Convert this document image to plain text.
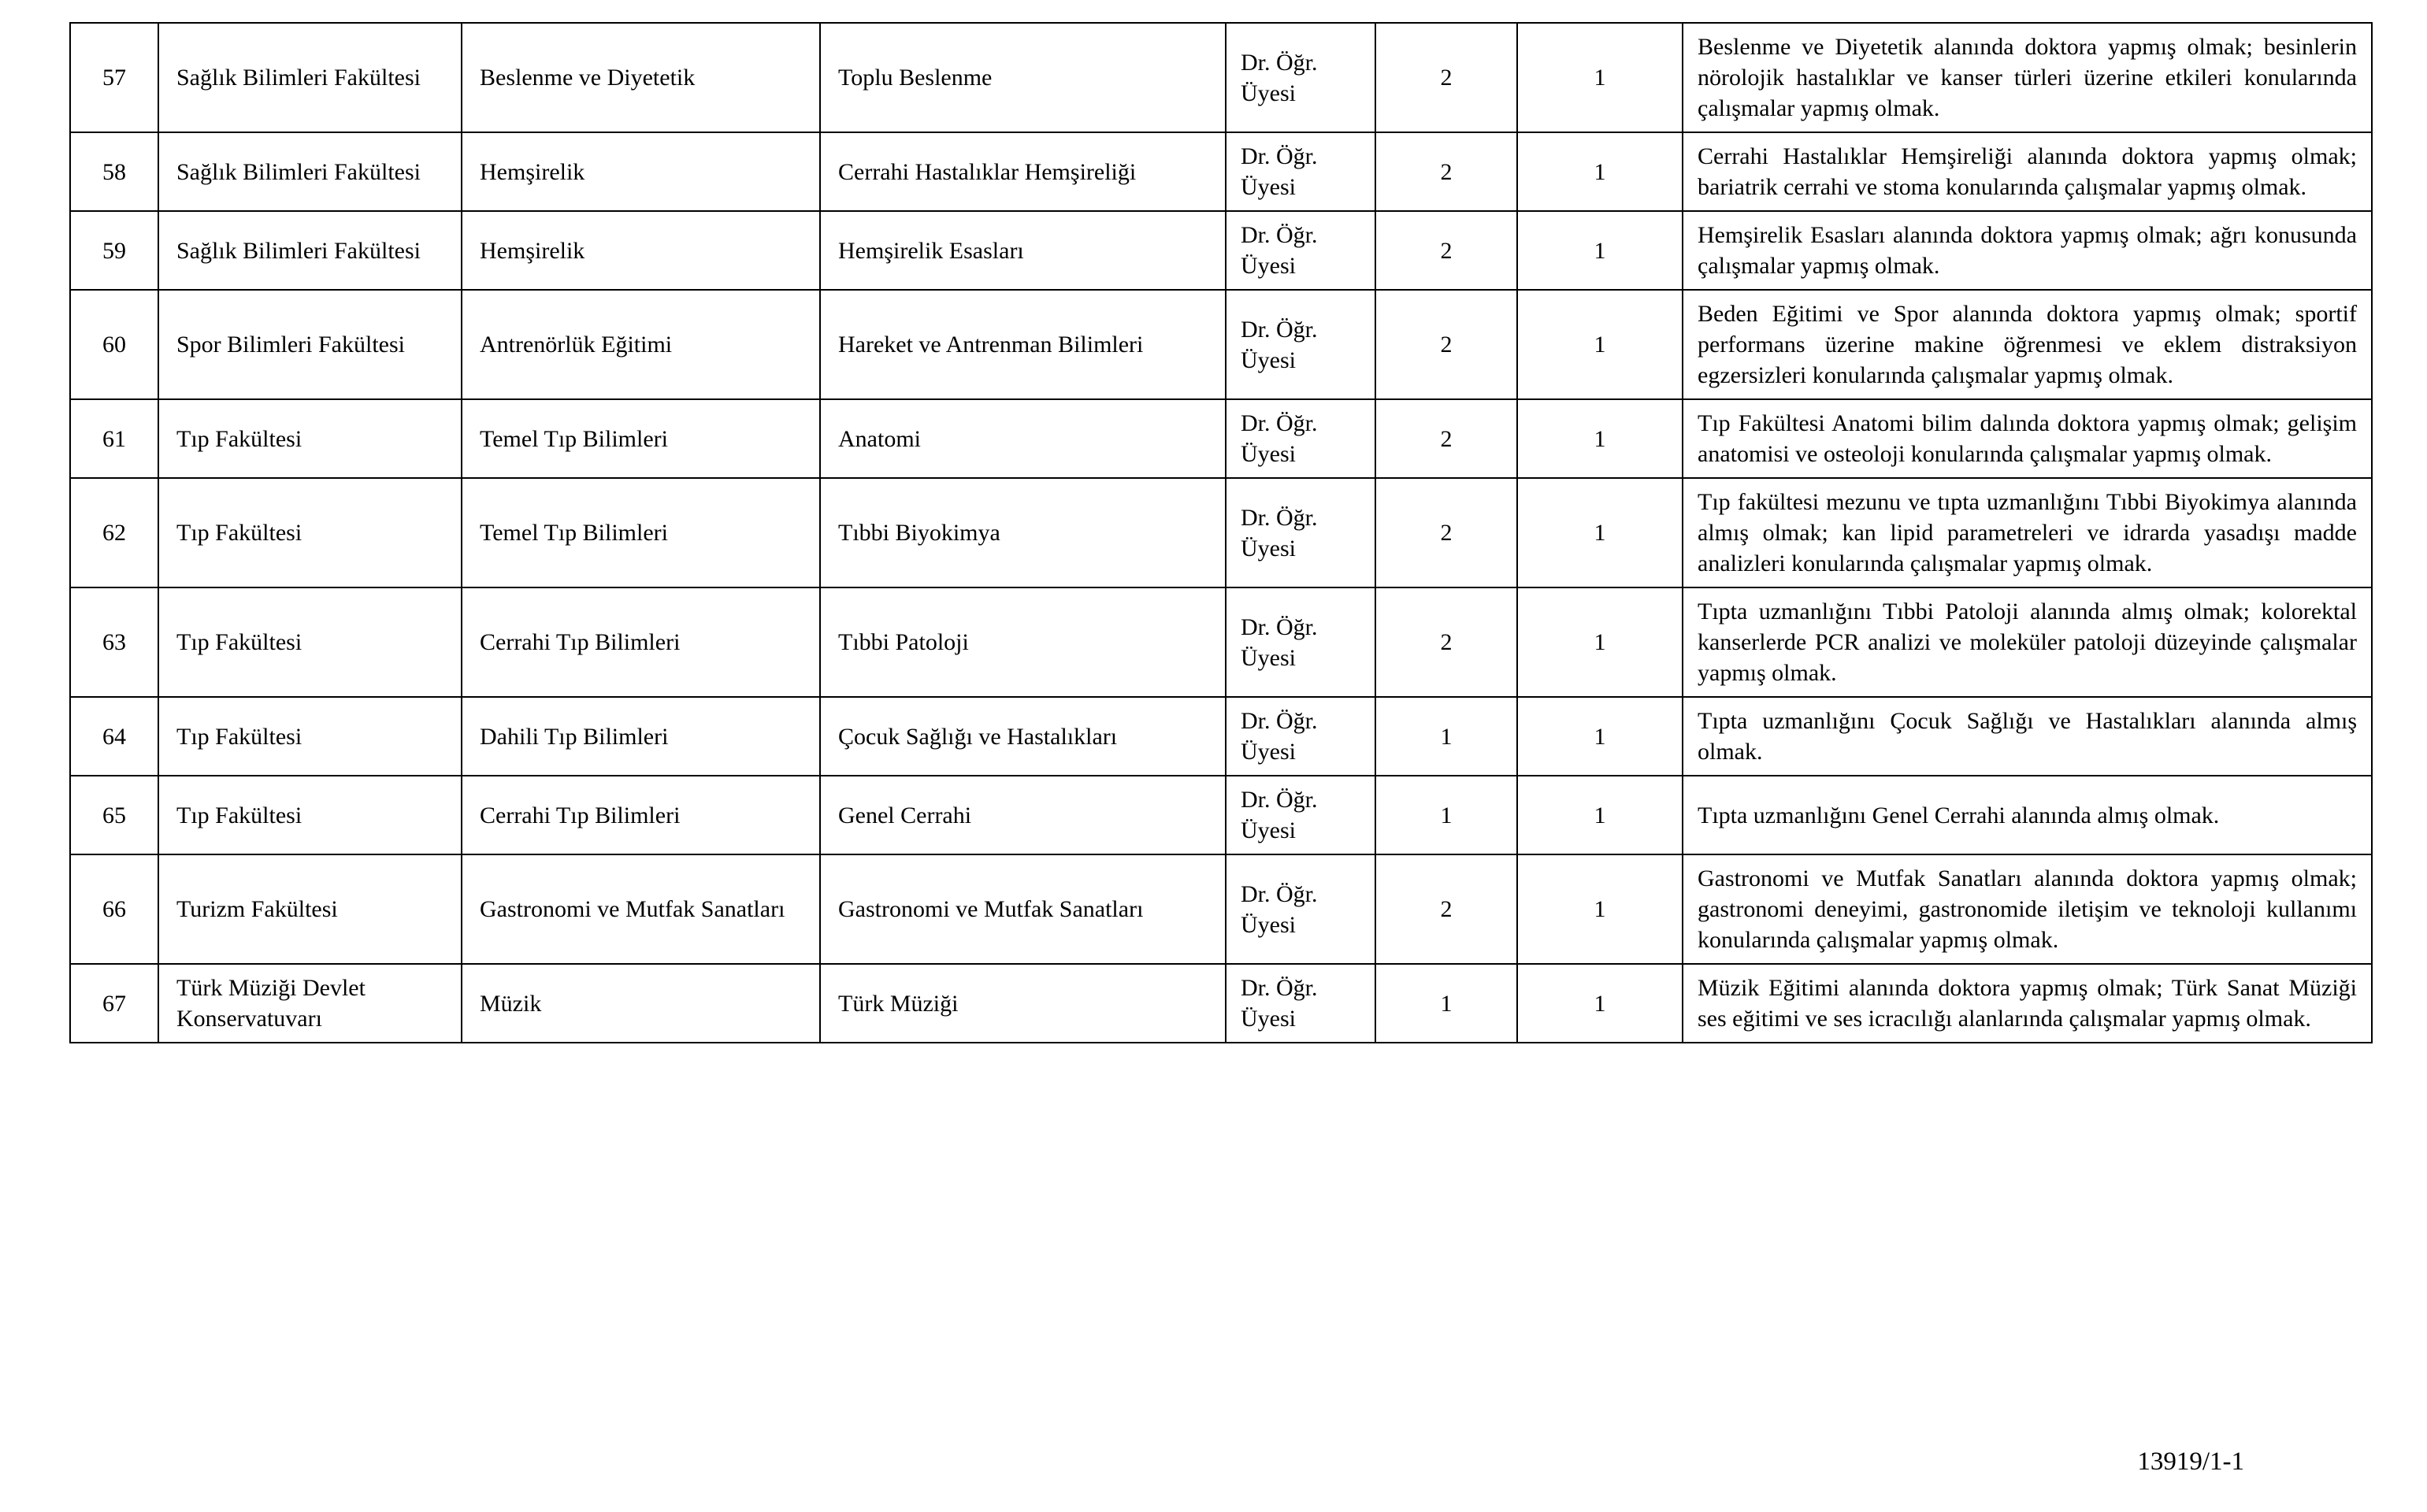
57	Sağlık Bilimleri Fakültesi	Beslenme ve Diyetetik	Toplu Beslenme	Dr. Öğr. Üyesi	2	1	Beslenme ve Diyetetik alanında doktora yapmış olmak; besinlerin nörolojik hastalıklar ve kanser türleri üzerine etkileri konularında çalışmalar yapmış olmak.
58	Sağlık Bilimleri Fakültesi	Hemşirelik	Cerrahi Hastalıklar Hemşireliği	Dr. Öğr. Üyesi	2	1	Cerrahi Hastalıklar Hemşireliği alanında doktora yapmış olmak; bariatrik cerrahi ve stoma konularında çalışmalar yapmış olmak.
59	Sağlık Bilimleri Fakültesi	Hemşirelik	Hemşirelik Esasları	Dr. Öğr. Üyesi	2	1	Hemşirelik Esasları alanında doktora yapmış olmak; ağrı konusunda çalışmalar yapmış olmak.
60	Spor Bilimleri Fakültesi	Antrenörlük Eğitimi	Hareket ve Antrenman Bilimleri	Dr. Öğr. Üyesi	2	1	Beden Eğitimi ve Spor alanında doktora yapmış olmak; sportif performans üzerine makine öğrenmesi ve eklem distraksiyon egzersizleri konularında çalışmalar yapmış olmak.
61	Tıp Fakültesi	Temel Tıp Bilimleri	Anatomi	Dr. Öğr. Üyesi	2	1	Tıp Fakültesi Anatomi bilim dalında doktora yapmış olmak; gelişim anatomisi ve osteoloji konularında çalışmalar yapmış olmak.
62	Tıp Fakültesi	Temel Tıp Bilimleri	Tıbbi Biyokimya	Dr. Öğr. Üyesi	2	1	Tıp fakültesi mezunu ve tıpta uzmanlığını Tıbbi Biyokimya alanında almış olmak; kan lipid parametreleri ve idrarda yasadışı madde analizleri konularında çalışmalar yapmış olmak.
63	Tıp Fakültesi	Cerrahi Tıp Bilimleri	Tıbbi Patoloji	Dr. Öğr. Üyesi	2	1	Tıpta uzmanlığını Tıbbi Patoloji alanında almış olmak; kolorektal kanserlerde PCR analizi ve moleküler patoloji düzeyinde çalışmalar yapmış olmak.
64	Tıp Fakültesi	Dahili Tıp Bilimleri	Çocuk Sağlığı ve Hastalıkları	Dr. Öğr. Üyesi	1	1	Tıpta uzmanlığını Çocuk Sağlığı ve Hastalıkları alanında almış olmak.
65	Tıp Fakültesi	Cerrahi Tıp Bilimleri	Genel Cerrahi	Dr. Öğr. Üyesi	1	1	Tıpta uzmanlığını Genel Cerrahi alanında almış olmak.
66	Turizm Fakültesi	Gastronomi ve Mutfak Sanatları	Gastronomi ve Mutfak Sanatları	Dr. Öğr. Üyesi	2	1	Gastronomi ve Mutfak Sanatları alanında doktora yapmış olmak; gastronomi deneyimi, gastronomide iletişim ve teknoloji kullanımı konularında çalışmalar yapmış olmak.
67	Türk Müziği Devlet Konservatuvarı	Müzik	Türk Müziği	Dr. Öğr. Üyesi	1	1	Müzik Eğitimi alanında doktora yapmış olmak; Türk Sanat Müziği ses eğitimi ve ses icracılığı alanlarında çalışmalar yapmış olmak.
13919/1-1
